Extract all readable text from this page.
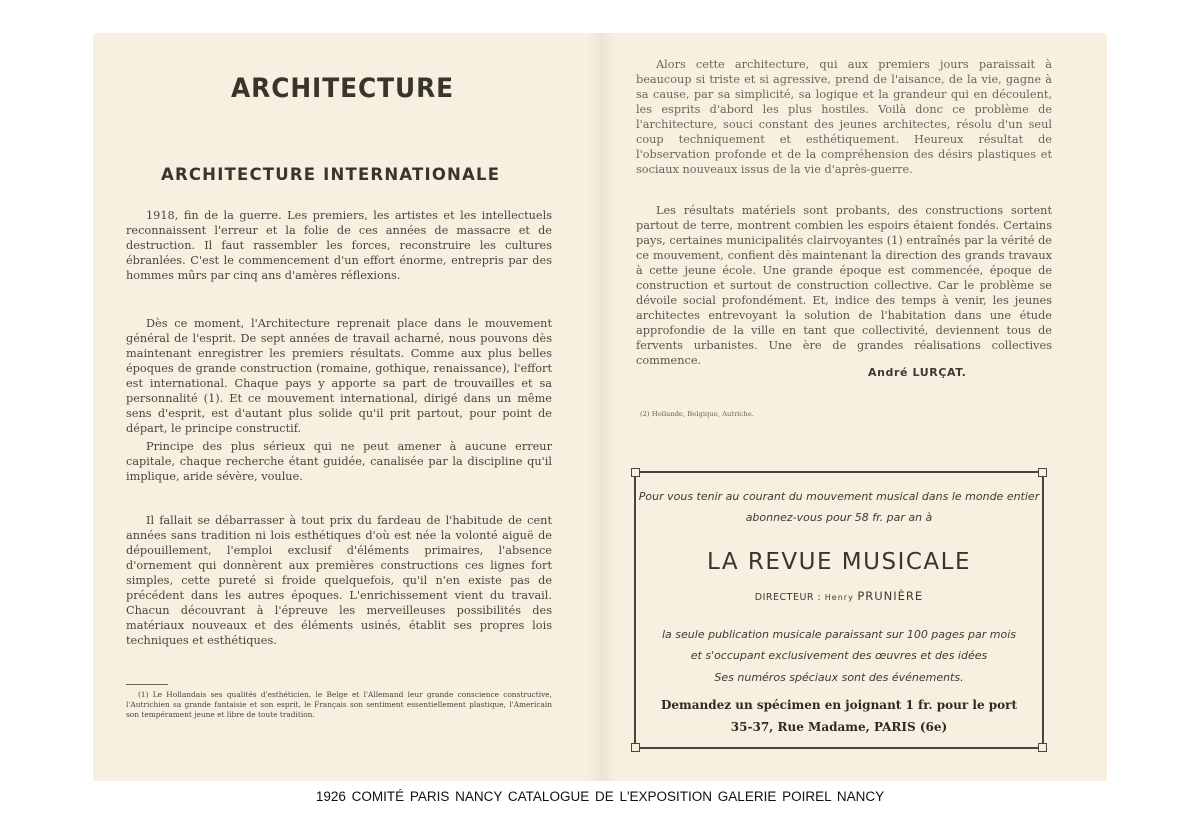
ARCHITECTURE
ARCHITECTURE INTERNATIONALE

1918, fin de la guerre. Les premiers, les artistes et les intellectuels reconnaissent l'erreur et la folie de ces années de massacre et de destruction. Il faut rassembler les forces, reconstruire les cultures ébranlées. C'est le commencement d'un effort énorme, entrepris par des hommes mûrs par cinq ans d'amères réflexions.

Dès ce moment, l'Architecture reprenait place dans le mouvement général de l'esprit. De sept années de travail acharné, nous pouvons dès maintenant enregistrer les premiers résultats. Comme aux plus belles époques de grande construction (romaine, gothique, renaissance), l'effort est international. Chaque pays y apporte sa part de trouvailles et sa personnalité (1). Et ce mouvement international, dirigé dans un même sens d'esprit, est d'autant plus solide qu'il prit partout, pour point de départ, le principe constructif.

Principe des plus sérieux qui ne peut amener à aucune erreur capitale, chaque recherche étant guidée, canalisée par la discipline qu'il implique, aride sévère, voulue.

Il fallait se débarrasser à tout prix du fardeau de l'habitude de cent années sans tradition ni lois esthétiques d'où est née la volonté aiguë de dépouillement, l'emploi exclusif d'éléments primaires, l'absence d'ornement qui donnèrent aux premières constructions ces lignes fort simples, cette pureté si froide quelquefois, qu'il n'en existe pas de précédent dans les autres époques. L'enrichissement vient du travail. Chacun découvrant à l'épreuve les merveilleuses possibilités des matériaux nouveaux et des éléments usinés, établit ses propres lois techniques et esthétiques.

(1) Le Hollandais ses qualités d'esthéticien, le Belge et l'Allemand leur grande conscience constructive, l'Autrichien sa grande fantaisie et son esprit, le Français son sentiment essentiellement plastique, l'Americain son tempérament jeune et libre de toute tradition.

Alors cette architecture, qui aux premiers jours paraissait à beaucoup si triste et si agressive, prend de l'aisance, de la vie, gagne à sa cause, par sa simplicité, sa logique et la grandeur qui en découlent, les esprits d'abord les plus hostiles. Voilà donc ce problème de l'architecture, souci constant des jeunes architectes, résolu d'un seul coup techniquement et esthétiquement. Heureux résultat de l'observation profonde et de la compréhension des désirs plastiques et sociaux nouveaux issus de la vie d'après-guerre.

Les résultats matériels sont probants, des constructions sortent partout de terre, montrent combien les espoirs étaient fondés. Certains pays, certaines municipalités clairvoyantes (1) entraînés par la vérité de ce mouvement, confient dès maintenant la direction des grands travaux à cette jeune école. Une grande époque est commencée, époque de construction et surtout de construction collective. Car le problème se dévoile social profondément. Et, indice des temps à venir, les jeunes architectes entrevoyant la solution de l'habitation dans une étude approfondie de la ville en tant que collectivité, deviennent tous de fervents urbanistes. Une ère de grandes réalisations collectives commence.

André LURÇAT.
(2) Hollande, Belgique, Autriche.
Pour vous tenir au courant du mouvement musical dans le monde entier
abonnez-vous pour 58 fr. par an à
LA REVUE MUSICALE
DIRECTEUR : Henry PRUNIÈRE
la seule publication musicale paraissant sur 100 pages par mois
et s'occupant exclusivement des œuvres et des idées
Ses numéros spéciaux sont des événements.
Demandez un spécimen en joignant 1 fr. pour le port
35-37, Rue Madame, PARIS (6e)
1926 COMITÉ PARIS NANCY CATALOGUE DE L'EXPOSITION GALERIE POIREL NANCY
